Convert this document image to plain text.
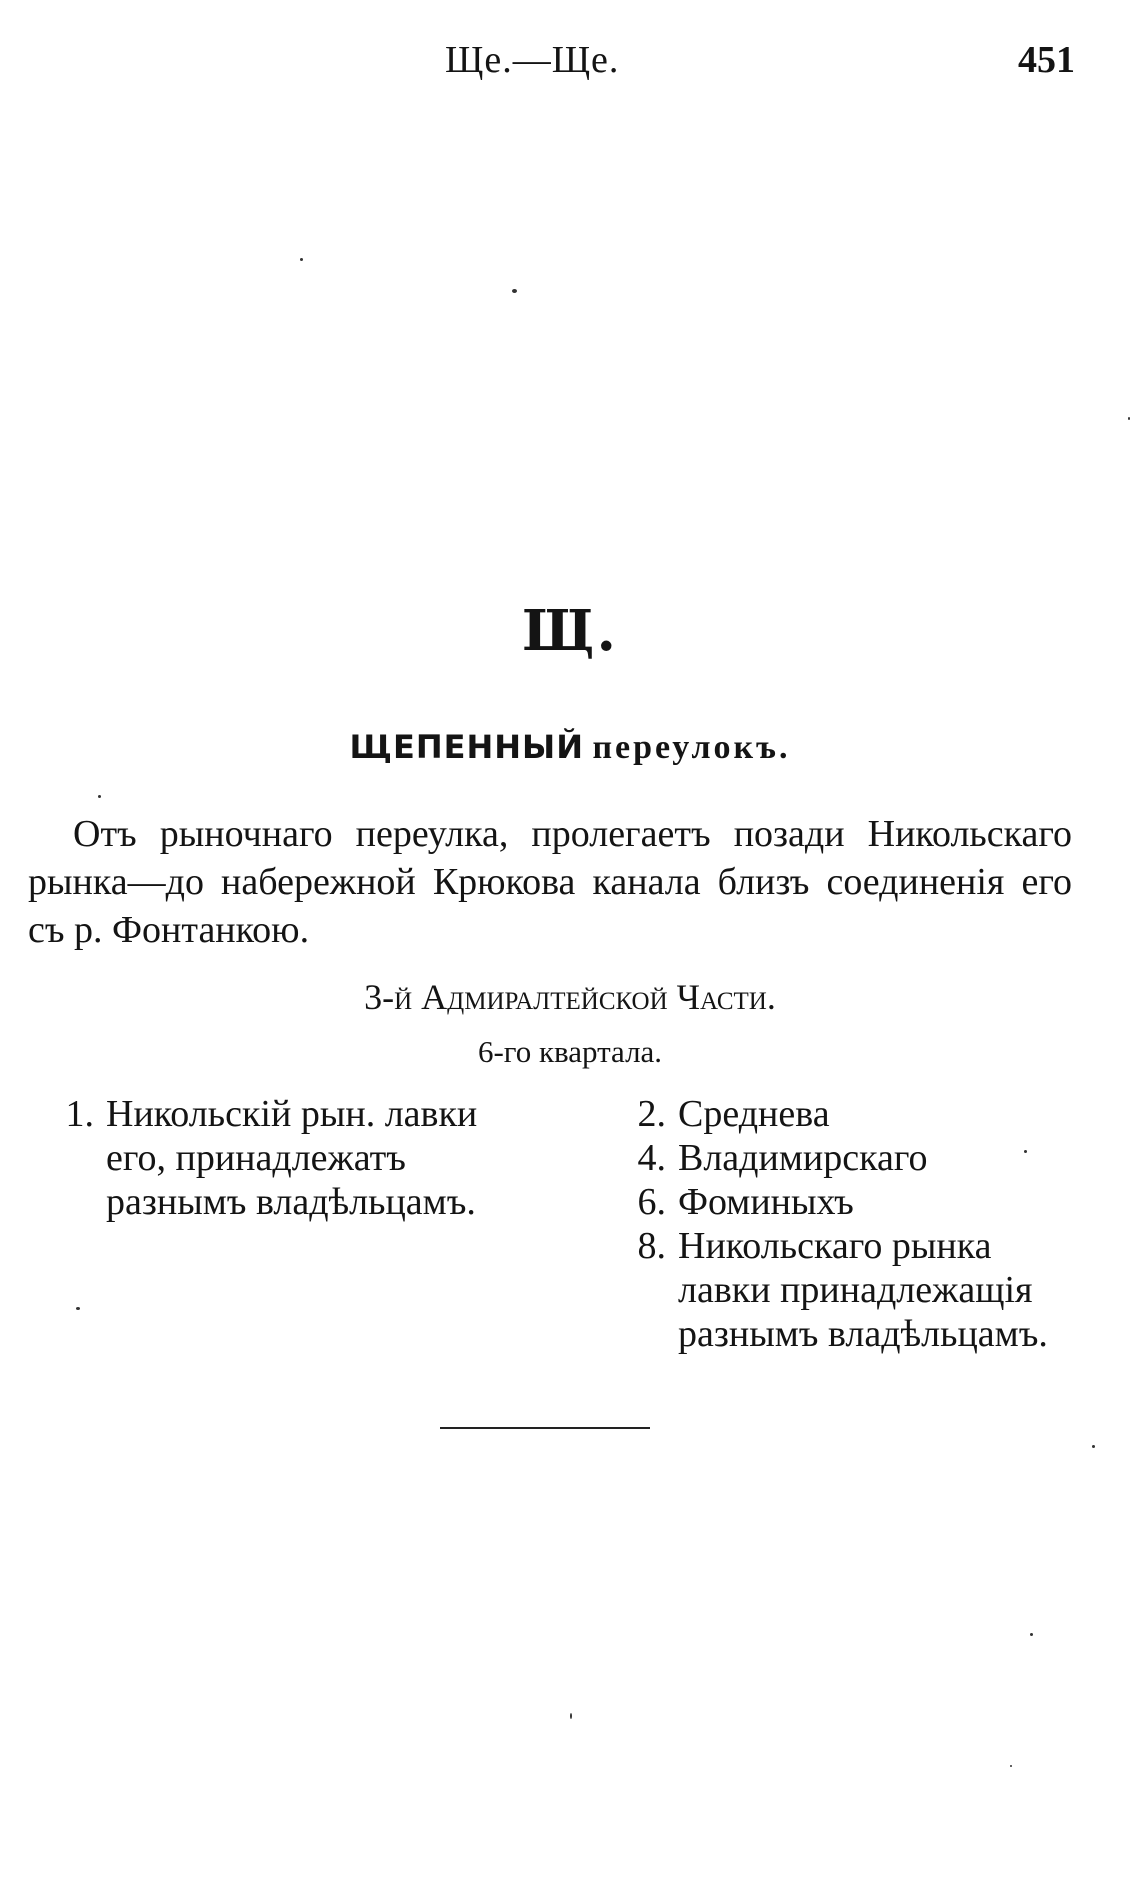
Ще.—Ще.	451
Щ.
ЩЕПЕННЫЙ переулокъ.
Отъ рыночнаго переулка, пролегаетъ позади Никольскаго рынка—до набережной Крюкова канала близъ соединенія его съ р. Фонтанкою.
3-й Адмиралтейской Части.
6-го квартала.
1. Никольскій рын. лавки его, принадлежатъ разнымъ владѣльцамъ.
2. Среднева
4. Владимирскаго
6. Фоминыхъ
8. Никольскаго рынка лавки принадлежащія разнымъ владѣльцамъ.
